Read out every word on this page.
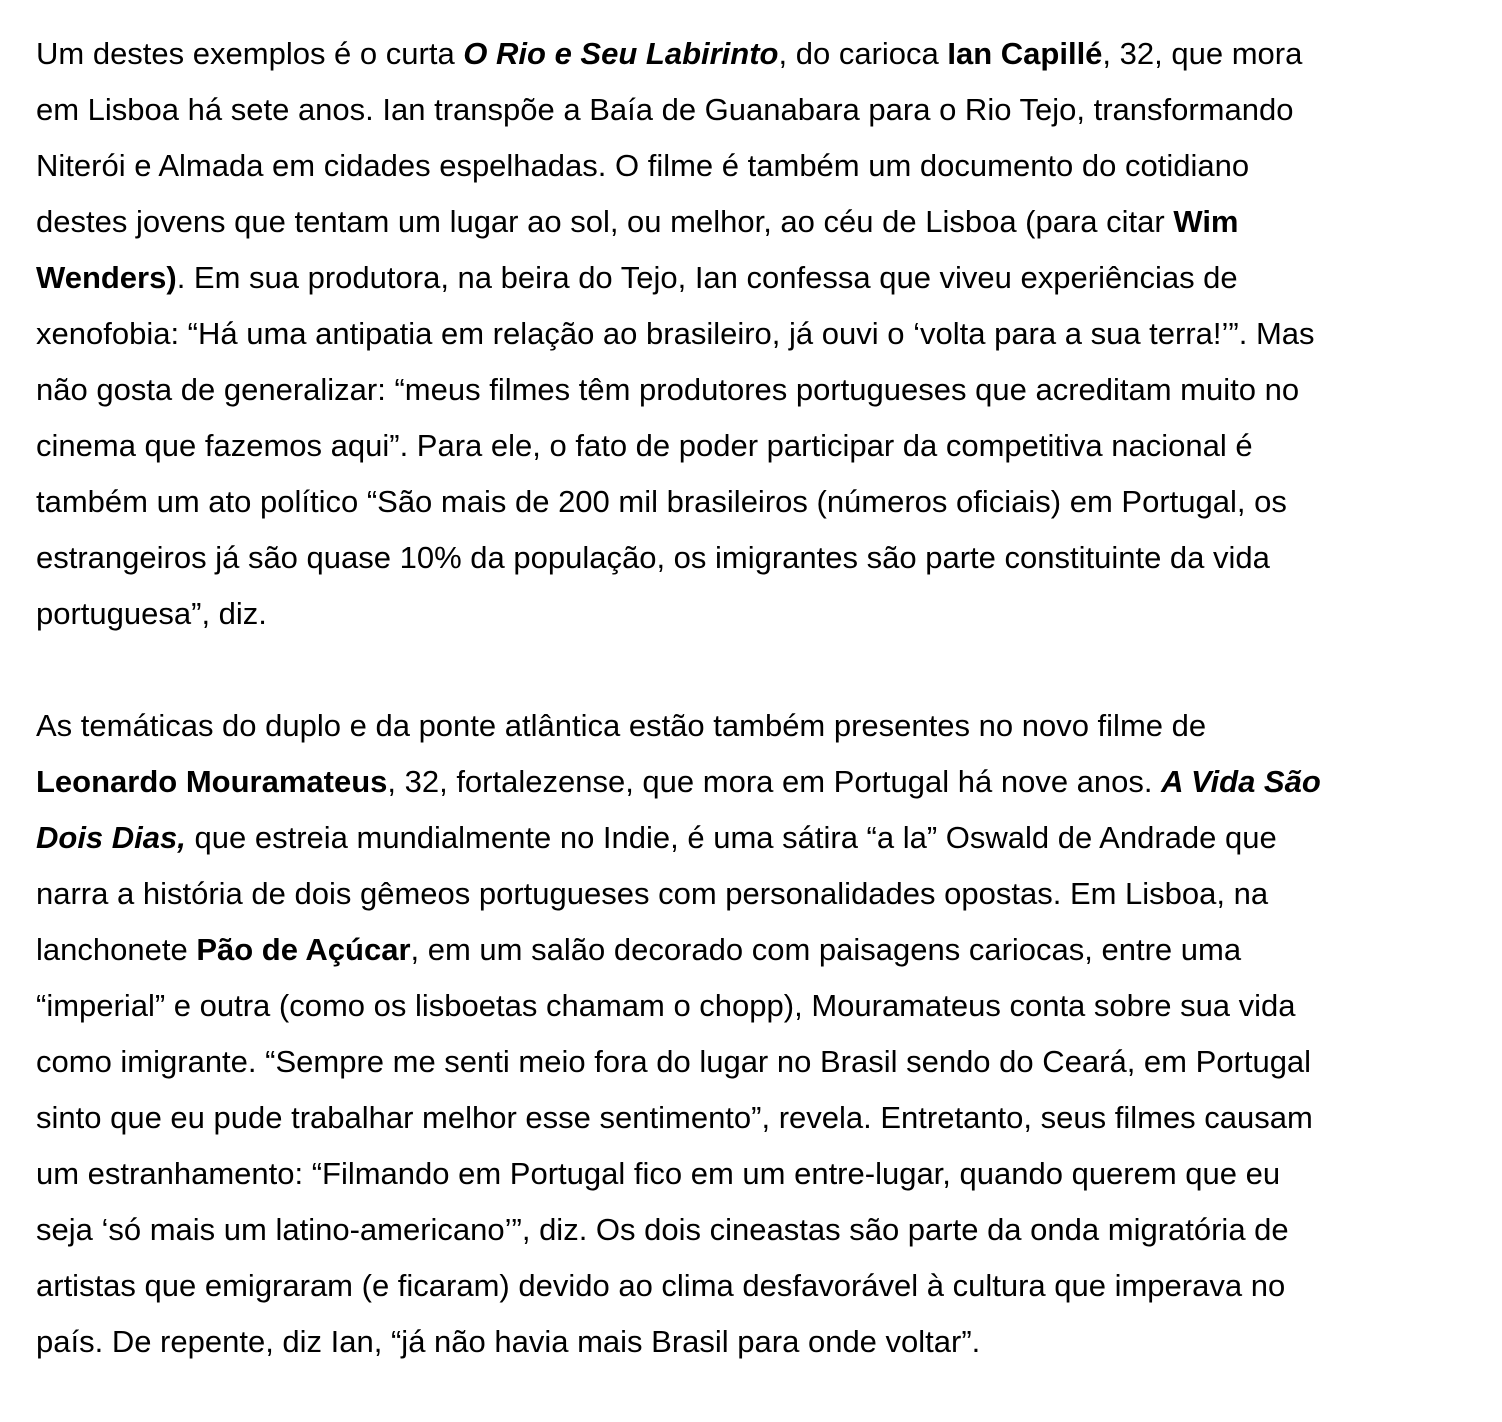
Um destes exemplos é o curta O Rio e Seu Labirinto, do carioca Ian Capillé, 32, que mora
em Lisboa há sete anos. Ian transpõe a Baía de Guanabara para o Rio Tejo, transformando
Niterói e Almada em cidades espelhadas. O filme é também um documento do cotidiano
destes jovens que tentam um lugar ao sol, ou melhor, ao céu de Lisboa (para citar Wim
Wenders). Em sua produtora, na beira do Tejo, Ian confessa que viveu experiências de
xenofobia: “Há uma antipatia em relação ao brasileiro, já ouvi o ‘volta para a sua terra!’”. Mas
não gosta de generalizar: “meus filmes têm produtores portugueses que acreditam muito no
cinema que fazemos aqui”. Para ele, o fato de poder participar da competitiva nacional é
também um ato político “São mais de 200 mil brasileiros (números oficiais) em Portugal, os
estrangeiros já são quase 10% da população, os imigrantes são parte constituinte da vida
portuguesa”, diz.

As temáticas do duplo e da ponte atlântica estão também presentes no novo filme de
Leonardo Mouramateus, 32, fortalezense, que mora em Portugal há nove anos. A Vida São
Dois Dias, que estreia mundialmente no Indie, é uma sátira “a la” Oswald de Andrade que
narra a história de dois gêmeos portugueses com personalidades opostas. Em Lisboa, na
lanchonete Pão de Açúcar, em um salão decorado com paisagens cariocas, entre uma
“imperial” e outra (como os lisboetas chamam o chopp), Mouramateus conta sobre sua vida
como imigrante. “Sempre me senti meio fora do lugar no Brasil sendo do Ceará, em Portugal
sinto que eu pude trabalhar melhor esse sentimento”, revela. Entretanto, seus filmes causam
um estranhamento: “Filmando em Portugal fico em um entre-lugar, quando querem que eu
seja ‘só mais um latino-americano’”, diz. Os dois cineastas são parte da onda migratória de
artistas que emigraram (e ficaram) devido ao clima desfavorável à cultura que imperava no
país. De repente, diz Ian, “já não havia mais Brasil para onde voltar”.
